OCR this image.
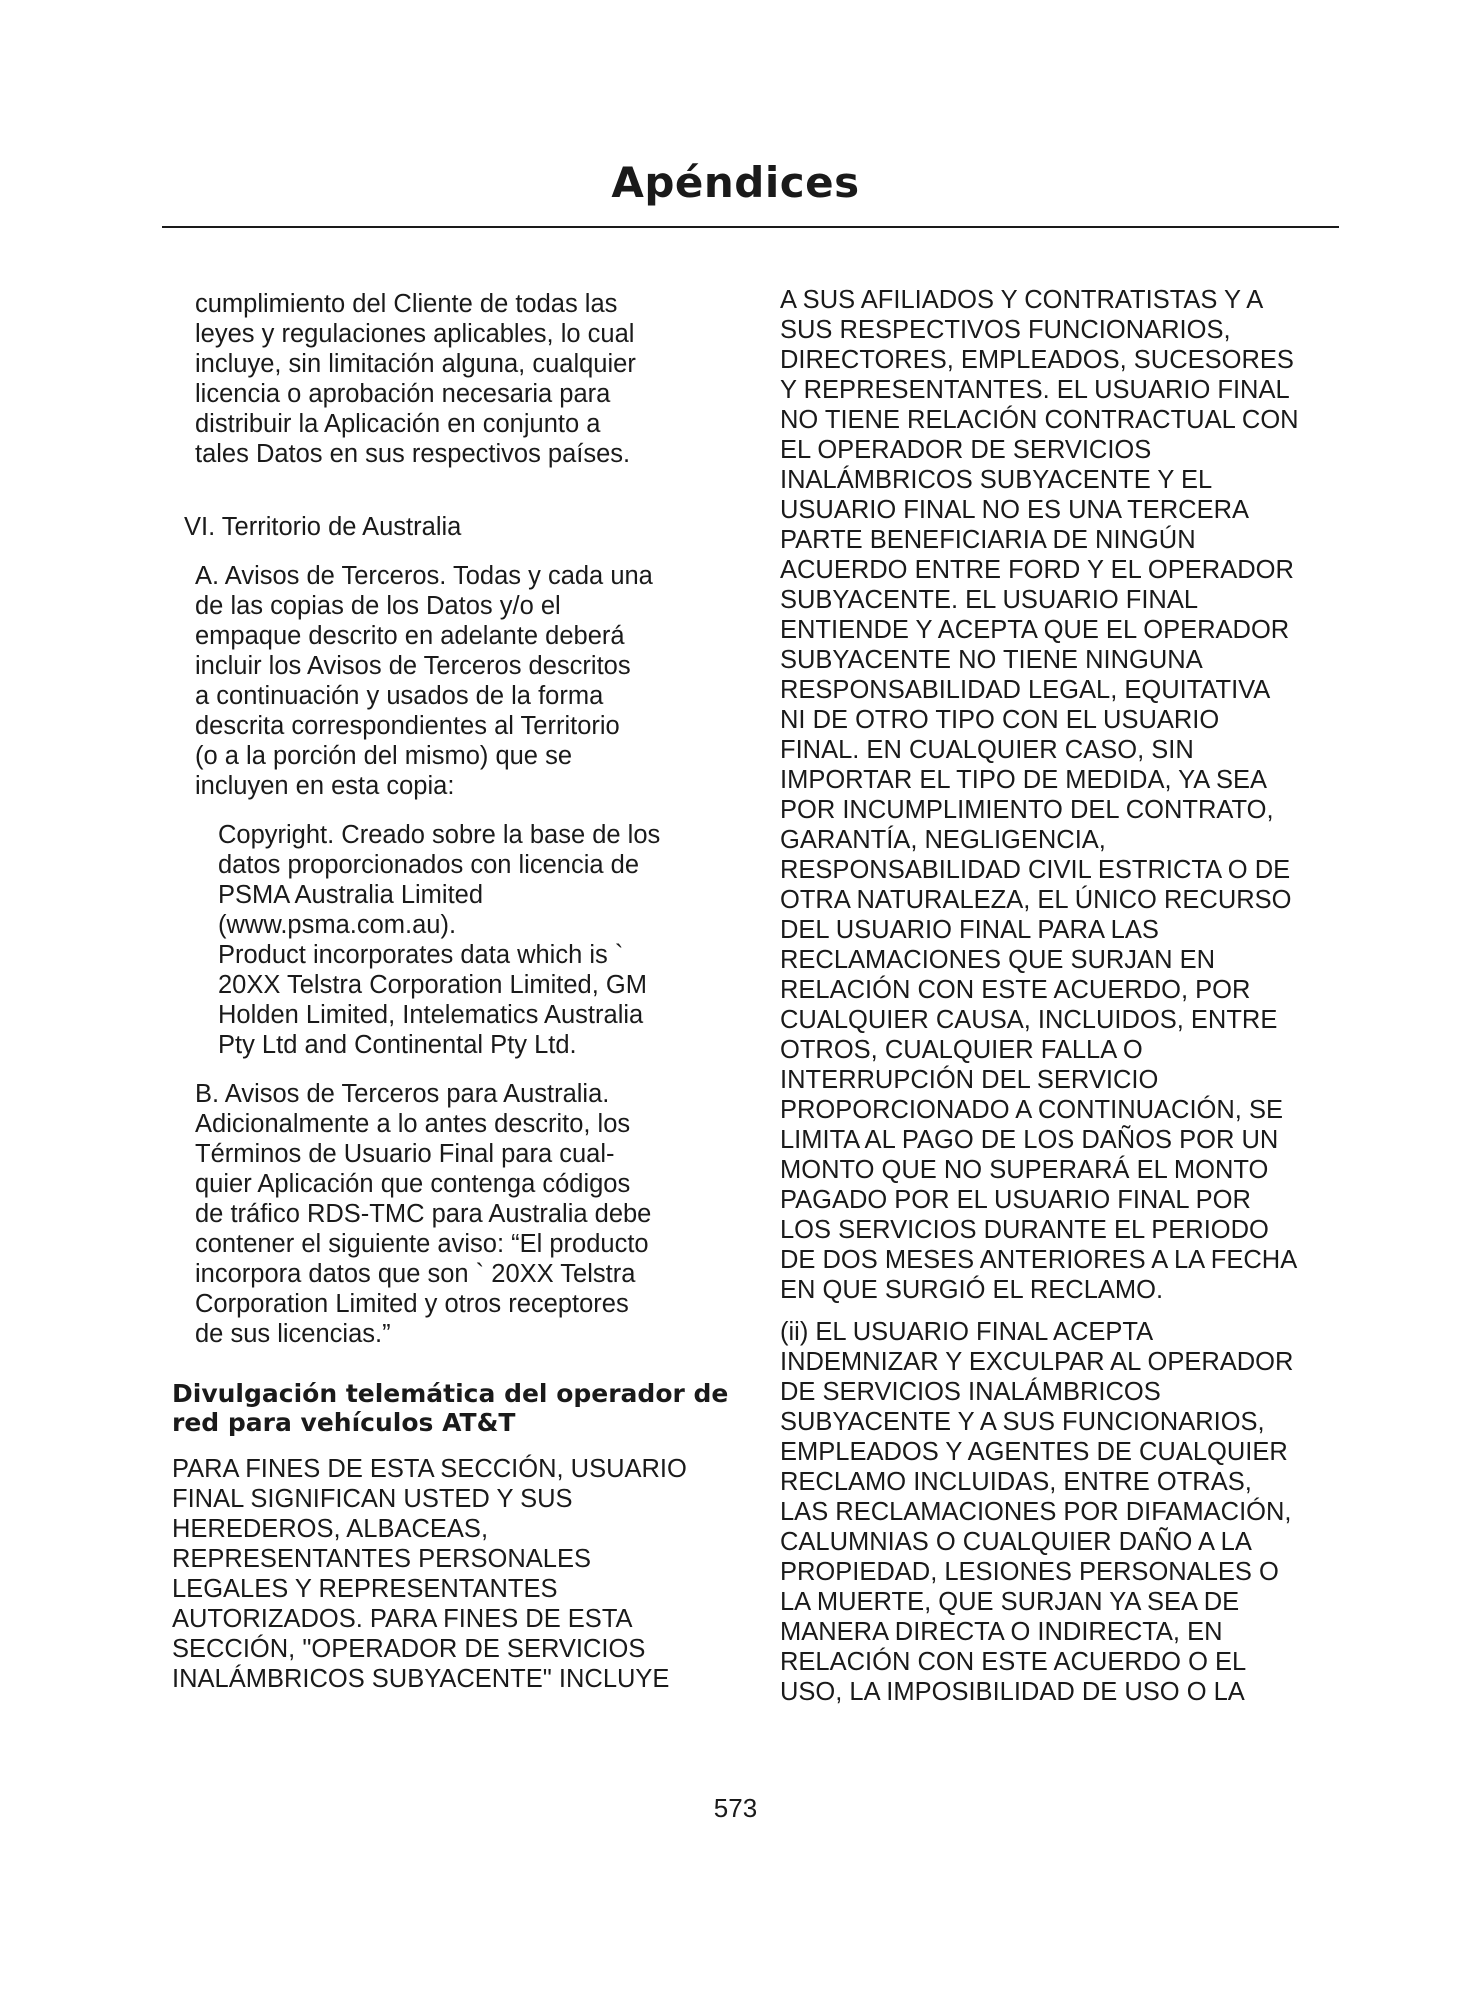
Apéndices

cumplimiento del Cliente de todas las
leyes y regulaciones aplicables, lo cual
incluye, sin limitación alguna, cualquier
licencia o aprobación necesaria para
distribuir la Aplicación en conjunto a
tales Datos en sus respectivos países.

VI. Territorio de Australia

A. Avisos de Terceros. Todas y cada una
de las copias de los Datos y/o el
empaque descrito en adelante deberá
incluir los Avisos de Terceros descritos
a continuación y usados de la forma
descrita correspondientes al Territorio
(o a la porción del mismo) que se
incluyen en esta copia:

Copyright. Creado sobre la base de los
datos proporcionados con licencia de
PSMA Australia Limited
(www.psma.com.au).
Product incorporates data which is `
20XX Telstra Corporation Limited, GM
Holden Limited, Intelematics Australia
Pty Ltd and Continental Pty Ltd.

B. Avisos de Terceros para Australia.
Adicionalmente a lo antes descrito, los
Términos de Usuario Final para cual-
quier Aplicación que contenga códigos
de tráfico RDS-TMC para Australia debe
contener el siguiente aviso: “El producto
incorpora datos que son ` 20XX Telstra
Corporation Limited y otros receptores
de sus licencias.”

Divulgación telemática del operador de red para vehículos AT&T

PARA FINES DE ESTA SECCIÓN, USUARIO
FINAL SIGNIFICAN USTED Y SUS
HEREDEROS, ALBACEAS,
REPRESENTANTES PERSONALES
LEGALES Y REPRESENTANTES
AUTORIZADOS. PARA FINES DE ESTA
SECCIÓN, "OPERADOR DE SERVICIOS
INALÁMBRICOS SUBYACENTE" INCLUYE

A SUS AFILIADOS Y CONTRATISTAS Y A
SUS RESPECTIVOS FUNCIONARIOS,
DIRECTORES, EMPLEADOS, SUCESORES
Y REPRESENTANTES. EL USUARIO FINAL
NO TIENE RELACIÓN CONTRACTUAL CON
EL OPERADOR DE SERVICIOS
INALÁMBRICOS SUBYACENTE Y EL
USUARIO FINAL NO ES UNA TERCERA
PARTE BENEFICIARIA DE NINGÚN
ACUERDO ENTRE FORD Y EL OPERADOR
SUBYACENTE. EL USUARIO FINAL
ENTIENDE Y ACEPTA QUE EL OPERADOR
SUBYACENTE NO TIENE NINGUNA
RESPONSABILIDAD LEGAL, EQUITATIVA
NI DE OTRO TIPO CON EL USUARIO
FINAL. EN CUALQUIER CASO, SIN
IMPORTAR EL TIPO DE MEDIDA, YA SEA
POR INCUMPLIMIENTO DEL CONTRATO,
GARANTÍA, NEGLIGENCIA,
RESPONSABILIDAD CIVIL ESTRICTA O DE
OTRA NATURALEZA, EL ÚNICO RECURSO
DEL USUARIO FINAL PARA LAS
RECLAMACIONES QUE SURJAN EN
RELACIÓN CON ESTE ACUERDO, POR
CUALQUIER CAUSA, INCLUIDOS, ENTRE
OTROS, CUALQUIER FALLA O
INTERRUPCIÓN DEL SERVICIO
PROPORCIONADO A CONTINUACIÓN, SE
LIMITA AL PAGO DE LOS DAÑOS POR UN
MONTO QUE NO SUPERARÁ EL MONTO
PAGADO POR EL USUARIO FINAL POR
LOS SERVICIOS DURANTE EL PERIODO
DE DOS MESES ANTERIORES A LA FECHA
EN QUE SURGIÓ EL RECLAMO.

(ii) EL USUARIO FINAL ACEPTA
INDEMNIZAR Y EXCULPAR AL OPERADOR
DE SERVICIOS INALÁMBRICOS
SUBYACENTE Y A SUS FUNCIONARIOS,
EMPLEADOS Y AGENTES DE CUALQUIER
RECLAMO INCLUIDAS, ENTRE OTRAS,
LAS RECLAMACIONES POR DIFAMACIÓN,
CALUMNIAS O CUALQUIER DAÑO A LA
PROPIEDAD, LESIONES PERSONALES O
LA MUERTE, QUE SURJAN YA SEA DE
MANERA DIRECTA O INDIRECTA, EN
RELACIÓN CON ESTE ACUERDO O EL
USO, LA IMPOSIBILIDAD DE USO O LA

573
